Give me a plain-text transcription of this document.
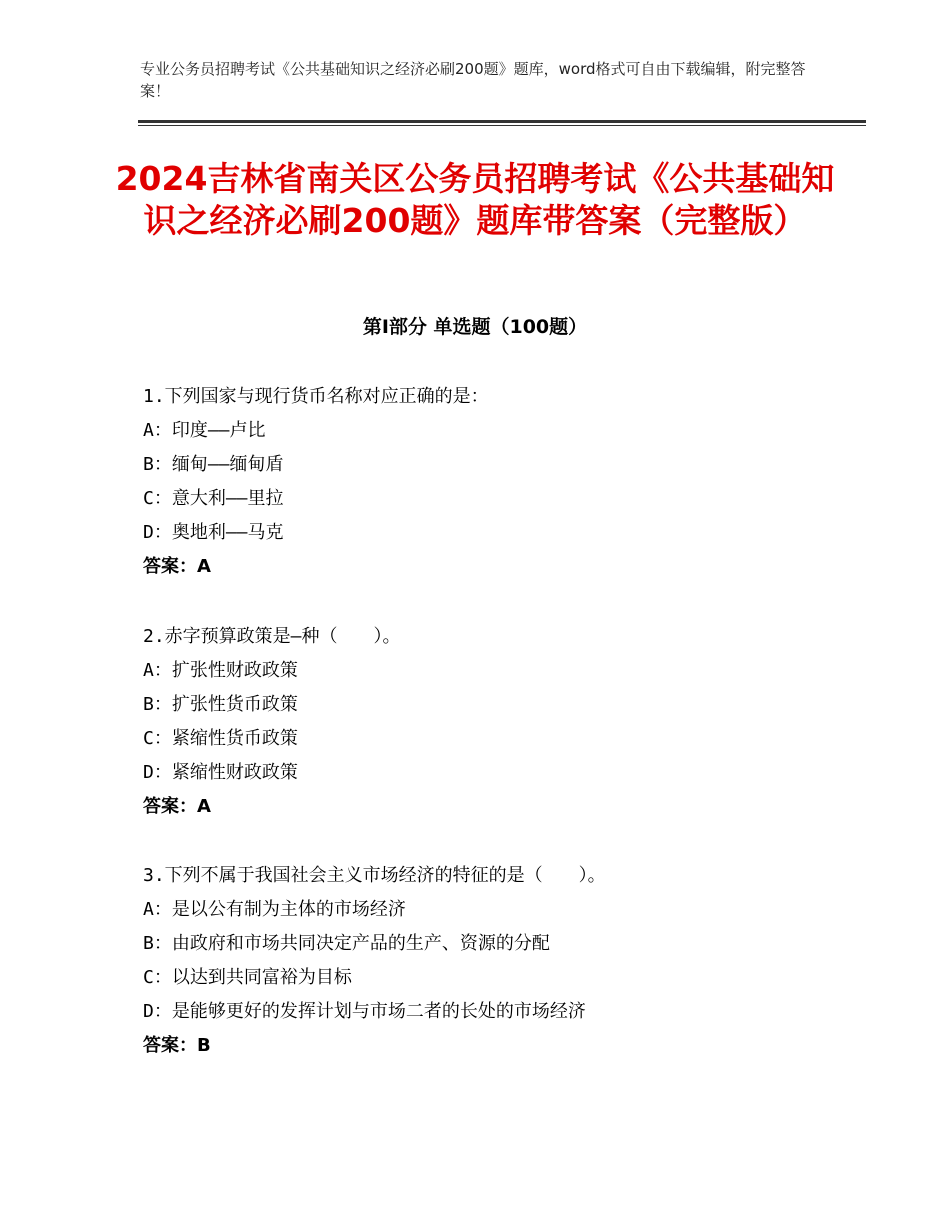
专业公务员招聘考试《公共基础知识之经济必刷200题》题库，word格式可自由下载编辑，附完整答案！
2024吉林省南关区公务员招聘考试《公共基础知识之经济必刷200题》题库带答案（完整版）
第I部分 单选题（100题）
1.下列国家与现行货币名称对应正确的是：
A：印度——卢比
B：缅甸——缅甸盾
C：意大利——里拉
D：奥地利——马克
答案：A
2.赤字预算政策是—种（　　）。
A：扩张性财政政策
B：扩张性货币政策
C：紧缩性货币政策
D：紧缩性财政政策
答案：A
3.下列不属于我国社会主义市场经济的特征的是（　　）。
A：是以公有制为主体的市场经济
B：由政府和市场共同决定产品的生产、资源的分配
C：以达到共同富裕为目标
D：是能够更好的发挥计划与市场二者的长处的市场经济
答案：B
